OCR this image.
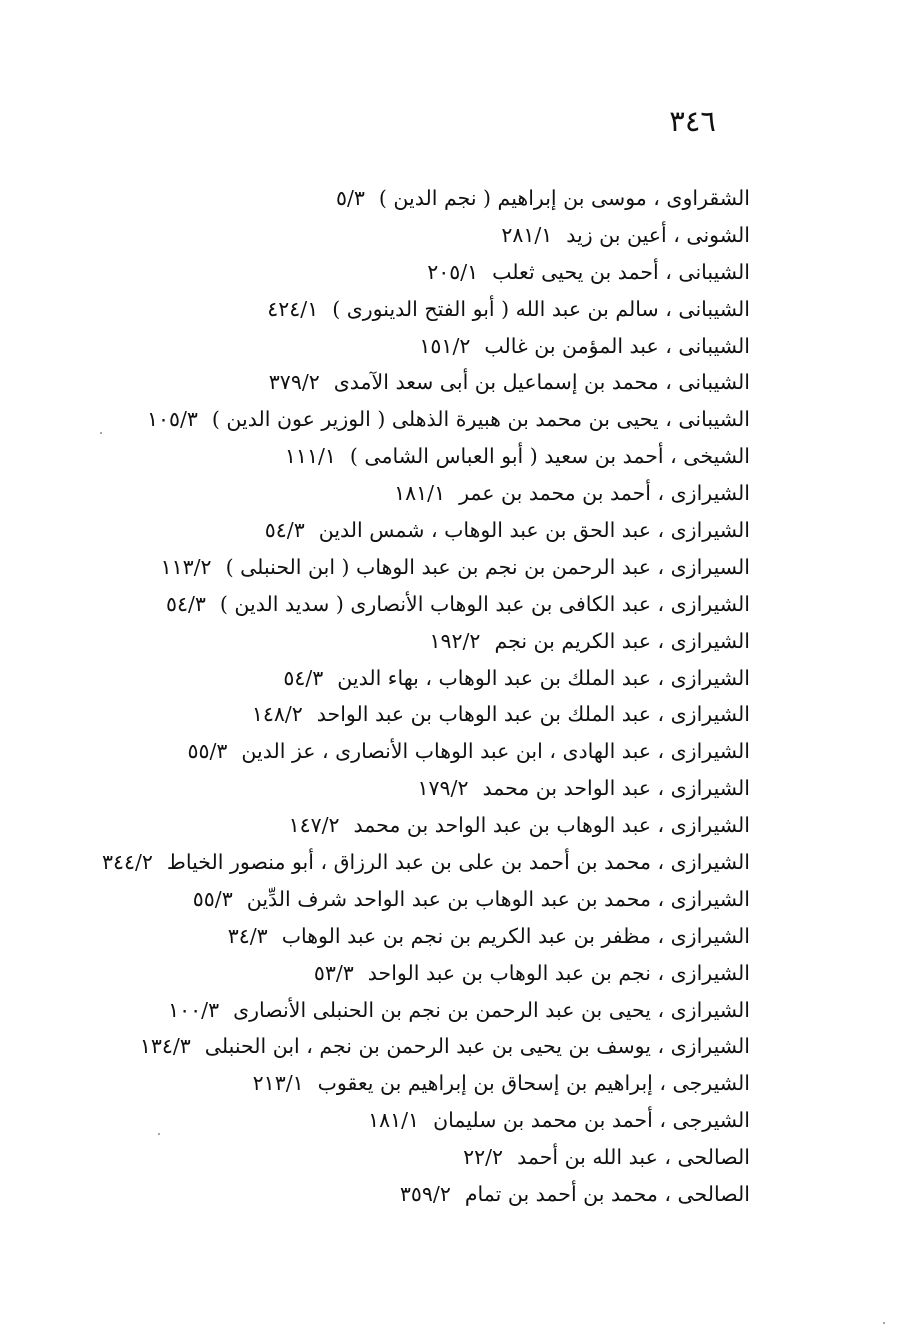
٣٤٦
الشقراوى ، موسى بن إبراهيم ( نجم الدين )٥/٣
الشونى ، أعين بن زيد٢٨١/١
الشيبانى ، أحمد بن يحيى ثعلب٢٠٥/١
الشيبانى ، سالم بن عبد الله ( أبو الفتح الدينورى )٤٢٤/١
الشيبانى ، عبد المؤمن بن غالب١٥١/٢
الشيبانى ، محمد بن إسماعيل بن أبى سعد الآمدى٣٧٩/٢
الشيبانى ، يحيى بن محمد بن هبيرة الذهلى ( الوزير عون الدين )١٠٥/٣
الشيخى ، أحمد بن سعيد ( أبو العباس الشامى )١١١/١
الشيرازى ، أحمد بن محمد بن عمر١٨١/١
الشيرازى ، عبد الحق بن عبد الوهاب ، شمس الدين٥٤/٣
السيرازى ، عبد الرحمن بن نجم بن عبد الوهاب ( ابن الحنبلى )١١٣/٢
الشيرازى ، عبد الكافى بن عبد الوهاب الأنصارى ( سديد الدين )٥٤/٣
الشيرازى ، عبد الكريم بن نجم١٩٢/٢
الشيرازى ، عبد الملك بن عبد الوهاب ، بهاء الدين٥٤/٣
الشيرازى ، عبد الملك بن عبد الوهاب بن عبد الواحد١٤٨/٢
الشيرازى ، عبد الهادى ، ابن عبد الوهاب الأنصارى ، عز الدين٥٥/٣
الشيرازى ، عبد الواحد بن محمد١٧٩/٢
الشيرازى ، عبد الوهاب بن عبد الواحد بن محمد١٤٧/٢
الشيرازى ، محمد بن أحمد بن على بن عبد الرزاق ، أبو منصور الخياط٣٤٤/٢
الشيرازى ، محمد بن عبد الوهاب بن عبد الواحد شرف الدِّين٥٥/٣
الشيرازى ، مظفر بن عبد الكريم بن نجم بن عبد الوهاب٣٤/٣
الشيرازى ، نجم بن عبد الوهاب بن عبد الواحد٥٣/٣
الشيرازى ، يحيى بن عبد الرحمن بن نجم بن الحنبلى الأنصارى١٠٠/٣
الشيرازى ، يوسف بن يحيى بن عبد الرحمن بن نجم ، ابن الحنبلى١٣٤/٣
الشيرجى ، إبراهيم بن إسحاق بن إبراهيم بن يعقوب٢١٣/١
الشيرجى ، أحمد بن محمد بن سليمان١٨١/١
الصالحى ، عبد الله بن أحمد٢٢/٢
الصالحى ، محمد بن أحمد بن تمام٣٥٩/٢
